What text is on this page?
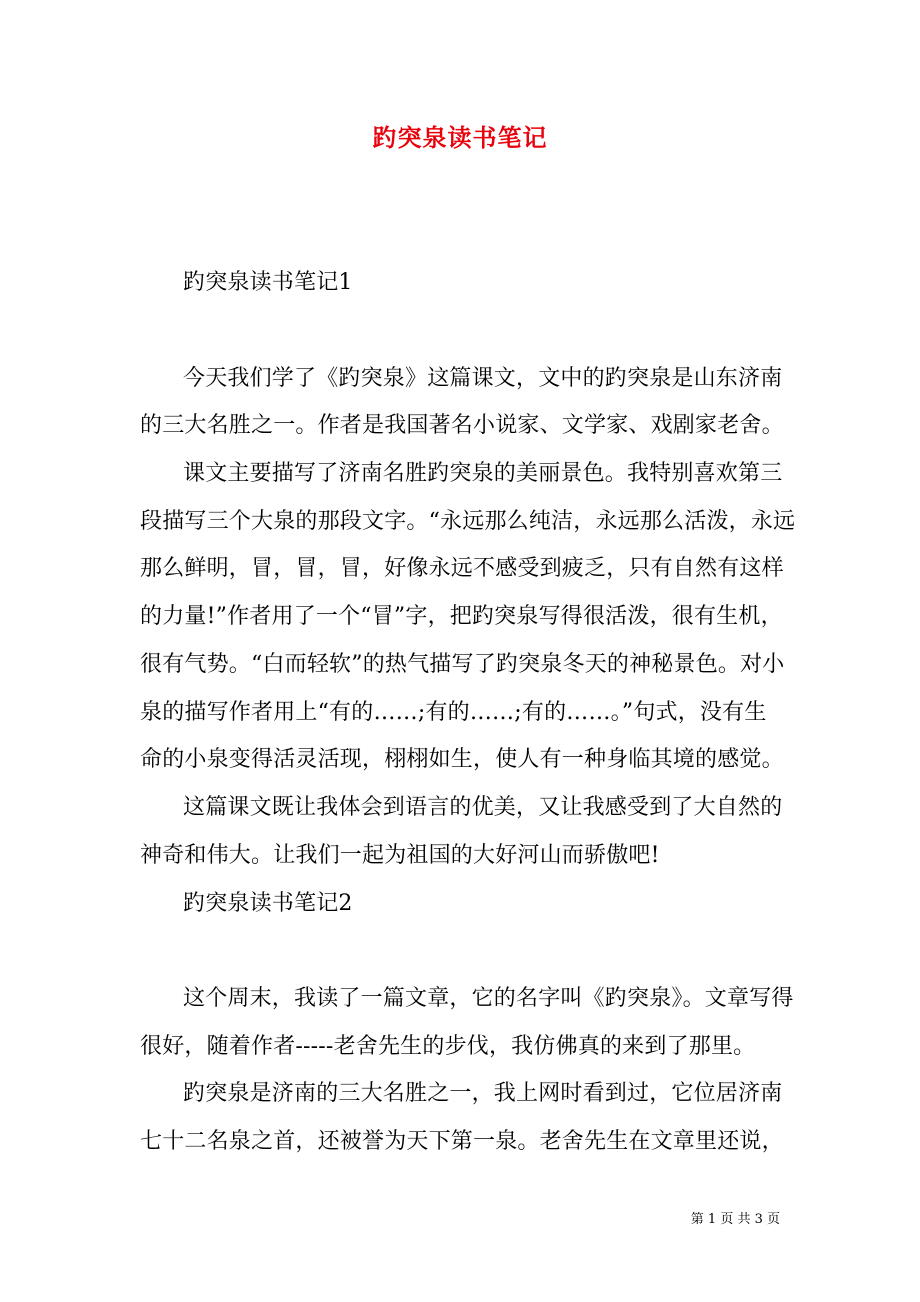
趵突泉读书笔记
趵突泉读书笔记1
今天我们学了《趵突泉》这篇课文，文中的趵突泉是山东济南
的三大名胜之一。作者是我国著名小说家、文学家、戏剧家老舍。
课文主要描写了济南名胜趵突泉的美丽景色。我特别喜欢第三
段描写三个大泉的那段文字。“永远那么纯洁，永远那么活泼，永远
那么鲜明，冒，冒，冒，好像永远不感受到疲乏，只有自然有这样
的力量!”作者用了一个“冒”字，把趵突泉写得很活泼，很有生机，
很有气势。“白而轻软”的热气描写了趵突泉冬天的神秘景色。对小
泉的描写作者用上“有的……;有的……;有的……。”句式，没有生
命的小泉变得活灵活现，栩栩如生，使人有一种身临其境的感觉。
这篇课文既让我体会到语言的优美，又让我感受到了大自然的
神奇和伟大。让我们一起为祖国的大好河山而骄傲吧!
趵突泉读书笔记2
这个周末，我读了一篇文章，它的名字叫《趵突泉》。文章写得
很好，随着作者-----老舍先生的步伐，我仿佛真的来到了那里。
趵突泉是济南的三大名胜之一，我上网时看到过，它位居济南
七十二名泉之首，还被誉为天下第一泉。老舍先生在文章里还说，
第 1 页 共 3 页
